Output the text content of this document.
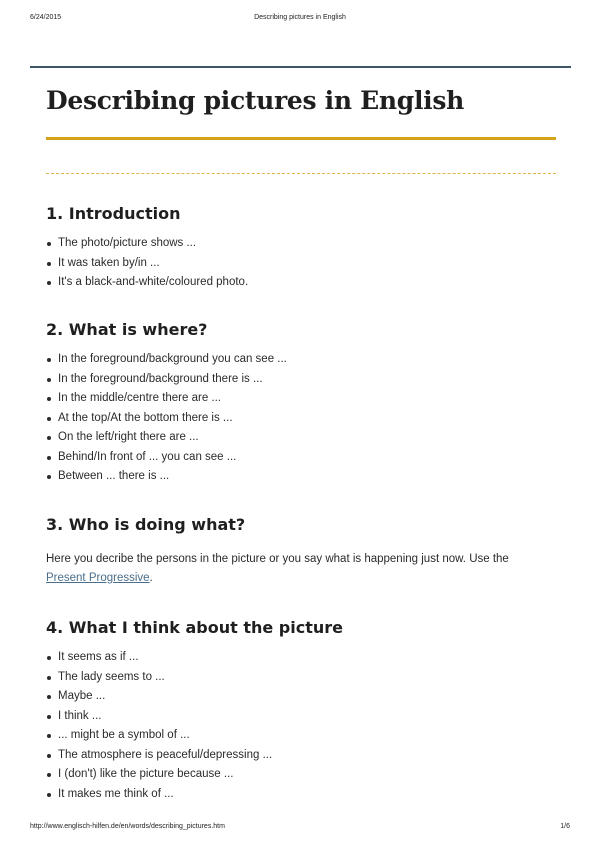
6/24/2015	Describing pictures in English
Describing pictures in English
1. Introduction
The photo/picture shows ...
It was taken by/in ...
It's a black-and-white/coloured photo.
2. What is where?
In the foreground/background you can see ...
In the foreground/background there is ...
In the middle/centre there are ...
At the top/At the bottom there is ...
On the left/right there are ...
Behind/In front of ... you can see ...
Between ... there is ...
3. Who is doing what?

Here you decribe the persons in the picture or you say what is happening just now. Use the Present Progressive.

4. What I think about the picture
It seems as if ...
The lady seems to ...
Maybe ...
I think ...
... might be a symbol of ...
The atmosphere is peaceful/depressing ...
I (don't) like the picture because ...
It makes me think of ...
http://www.englisch-hilfen.de/en/words/describing_pictures.htm	1/6
